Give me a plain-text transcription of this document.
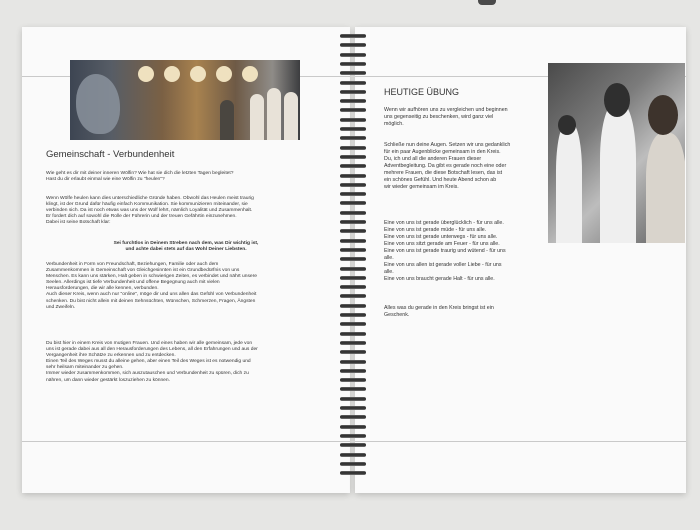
Gemeinschaft - Verbundenheit
Wie geht es dir mit deiner inneren Wölfin? Wie hat sie dich die letzten Tagen begleitet?
Hast du dir erlaubt einmal wie eine Wölfin zu "heulen"?
Wenn Wölfe heulen kann dies unterschiedliche Gründe haben. Obwohl das Heulen meist traurig
klingt, ist der Grund dafür häufig einfach Kommunikation. Sie kommunizieren miteinander, sie
verbinden sich. Da ist noch etwas was uns der Wolf lehrt, nämlich Loyalität und Zusammenhalt.
Er fordert dich auf sowohl die Rolle der Führerin und der treuen Gefährtin einzunehmen.
Dabei ist seine Botschaft klar:
Sei furchtlos in Deinem Streben nach dem, was Dir wichtig ist,
und achte dabei stets auf das Wohl Deiner Liebsten.
Verbundenheit in Form von Freundschaft, Beziehungen, Familie oder auch dem
Zusammenkommen in Gemeinschaft von Gleichgesinnten ist ein Grundbedürfnis von uns
Menschen. Es kann uns stärken, Halt geben in schwierigen Zeiten, es verbindet und nährt unsere
Seelen. Allerdings ist tiefe Verbundenheit und offene Begegnung auch mit vielen
Herausforderungen, die wir alle kennen, verbunden.
Auch dieser Kreis, wenn auch nur "online", möge dir und uns allen das Gefühl von Verbundenheit
schenken. Du bist nicht allein mit deinen Sehnsüchten, Wünschen, Schmerzen, Fragen, Ängsten
und Zweifeln.
Du bist hier in einem Kreis von mutigen Frauen. Und eines haben wir alle gemeinsam, jede von
uns ist gerade dabei aus all den Herausforderungen des Lebens, all den Erfahrungen und aus der
Vergangenheit ihre Schätze zu erkennen und zu entdecken.
Einen Teil des Weges musst du alleine gehen, aber einen Teil des Weges ist es notwendig und
sehr heilsam miteinander zu gehen.
Immer wieder zusammenkommen, sich auszutauschen und Verbundenheit zu spüren, dich zu
nähren, um dann wieder gestärkt loszuziehen zu können.
HEUTIGE ÜBUNG
Wenn wir aufhören uns zu vergleichen und beginnen
uns gegenseitig zu beschenken, wird ganz viel
möglich.
Schließe nun deine Augen. Setzen wir uns gedanklich
für ein paar Augenblicke gemeinsam in den Kreis.
Du, ich und all die anderen Frauen dieser
Adventbegleitung. Da gibt es gerade noch eine oder
mehrere Frauen, die diese Botschaft lesen, das ist
ein schönes Gefühl. Und heute Abend schon ab
wir wieder gemeinsam im Kreis.
Eine von uns ist gerade überglücklich - für uns alle.
Eine von uns ist gerade müde - für uns alle.
Eine von uns ist gerade unterwegs - für uns alle.
Eine von uns sitzt gerade am Feuer - für uns alle.
Eine von uns ist gerade traurig und wütend - für uns
alle.
Eine von uns allen ist gerade voller Liebe - für uns
alle.
Eine von uns braucht gerade Halt - für uns alle.
Alles was du gerade in den Kreis bringst ist ein
Geschenk.
